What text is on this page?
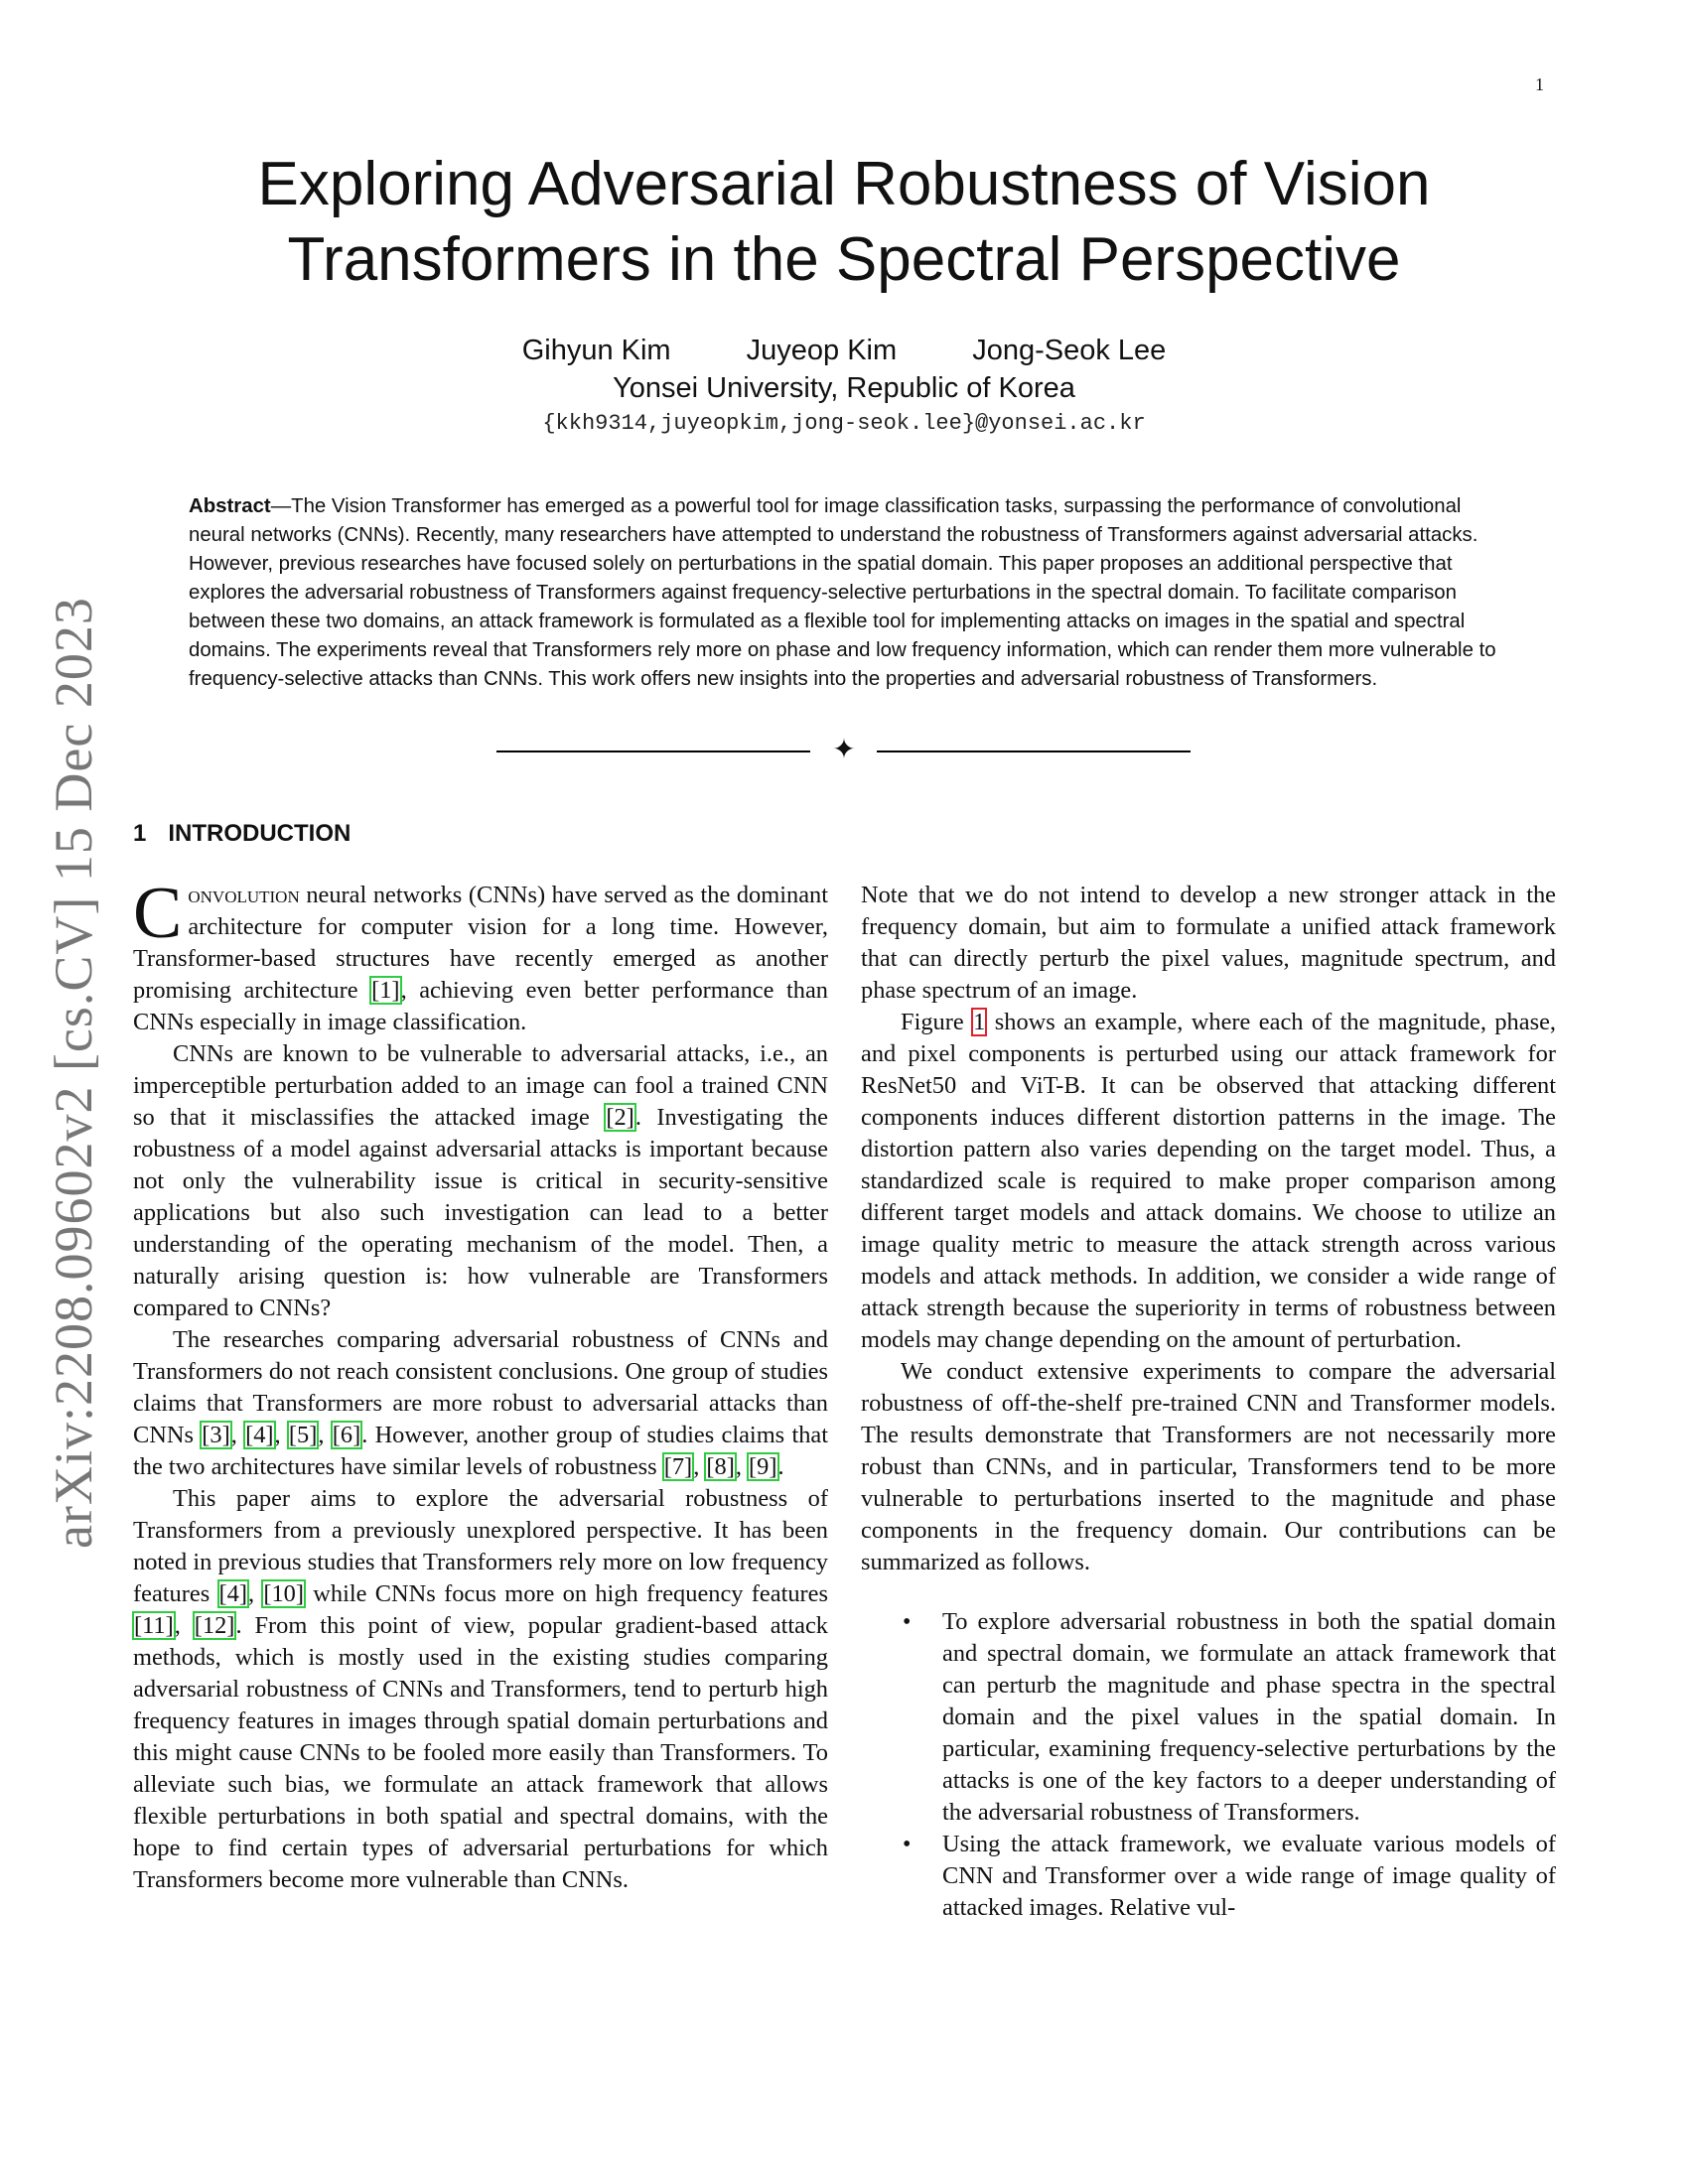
1
arXiv:2208.09602v2 [cs.CV] 15 Dec 2023
Exploring Adversarial Robustness of Vision Transformers in the Spectral Perspective
Gihyun Kim	Juyeop Kim	Jong-Seok Lee
Yonsei University, Republic of Korea
{kkh9314,juyeopkim,jong-seok.lee}@yonsei.ac.kr
Abstract—The Vision Transformer has emerged as a powerful tool for image classification tasks, surpassing the performance of convolutional neural networks (CNNs). Recently, many researchers have attempted to understand the robustness of Transformers against adversarial attacks. However, previous researches have focused solely on perturbations in the spatial domain. This paper proposes an additional perspective that explores the adversarial robustness of Transformers against frequency-selective perturbations in the spectral domain. To facilitate comparison between these two domains, an attack framework is formulated as a flexible tool for implementing attacks on images in the spatial and spectral domains. The experiments reveal that Transformers rely more on phase and low frequency information, which can render them more vulnerable to frequency-selective attacks than CNNs. This work offers new insights into the properties and adversarial robustness of Transformers.
✦
1 INTRODUCTION

Convolution neural networks (CNNs) have served as the dominant architecture for computer vision for a long time. However, Transformer-based structures have recently emerged as another promising architecture [1], achieving even better performance than CNNs especially in image classification.

CNNs are known to be vulnerable to adversarial attacks, i.e., an imperceptible perturbation added to an image can fool a trained CNN so that it misclassifies the attacked image [2]. Investigating the robustness of a model against adversarial attacks is important because not only the vulnerability issue is critical in security-sensitive applications but also such investigation can lead to a better understanding of the operating mechanism of the model. Then, a naturally arising question is: how vulnerable are Transformers compared to CNNs?

The researches comparing adversarial robustness of CNNs and Transformers do not reach consistent conclusions. One group of studies claims that Transformers are more robust to adversarial attacks than CNNs [3], [4], [5], [6]. However, another group of studies claims that the two architectures have similar levels of robustness [7], [8], [9].

This paper aims to explore the adversarial robustness of Transformers from a previously unexplored perspective. It has been noted in previous studies that Transformers rely more on low frequency features [4], [10] while CNNs focus more on high frequency features [11], [12]. From this point of view, popular gradient-based attack methods, which is mostly used in the existing studies comparing adversarial robustness of CNNs and Transformers, tend to perturb high frequency features in images through spatial domain perturbations and this might cause CNNs to be fooled more easily than Transformers. To alleviate such bias, we formulate an attack framework that allows flexible perturbations in both spatial and spectral domains, with the hope to find certain types of adversarial perturbations for which Transformers become more vulnerable than CNNs.

Note that we do not intend to develop a new stronger attack in the frequency domain, but aim to formulate a unified attack framework that can directly perturb the pixel values, magnitude spectrum, and phase spectrum of an image.

Figure 1 shows an example, where each of the magnitude, phase, and pixel components is perturbed using our attack framework for ResNet50 and ViT-B. It can be observed that attacking different components induces different distortion patterns in the image. The distortion pattern also varies depending on the target model. Thus, a standardized scale is required to make proper comparison among different target models and attack domains. We choose to utilize an image quality metric to measure the attack strength across various models and attack methods. In addition, we consider a wide range of attack strength because the superiority in terms of robustness between models may change depending on the amount of perturbation.

We conduct extensive experiments to compare the adversarial robustness of off-the-shelf pre-trained CNN and Transformer models. The results demonstrate that Transformers are not necessarily more robust than CNNs, and in particular, Transformers tend to be more vulnerable to perturbations inserted to the magnitude and phase components in the frequency domain. Our contributions can be summarized as follows.

• To explore adversarial robustness in both the spatial domain and spectral domain, we formulate an attack framework that can perturb the magnitude and phase spectra in the spectral domain and the pixel values in the spatial domain. In particular, examining frequency-selective perturbations by the attacks is one of the key factors to a deeper understanding of the adversarial robustness of Transformers.
• Using the attack framework, we evaluate various models of CNN and Transformer over a wide range of image quality of attacked images. Relative vul-
